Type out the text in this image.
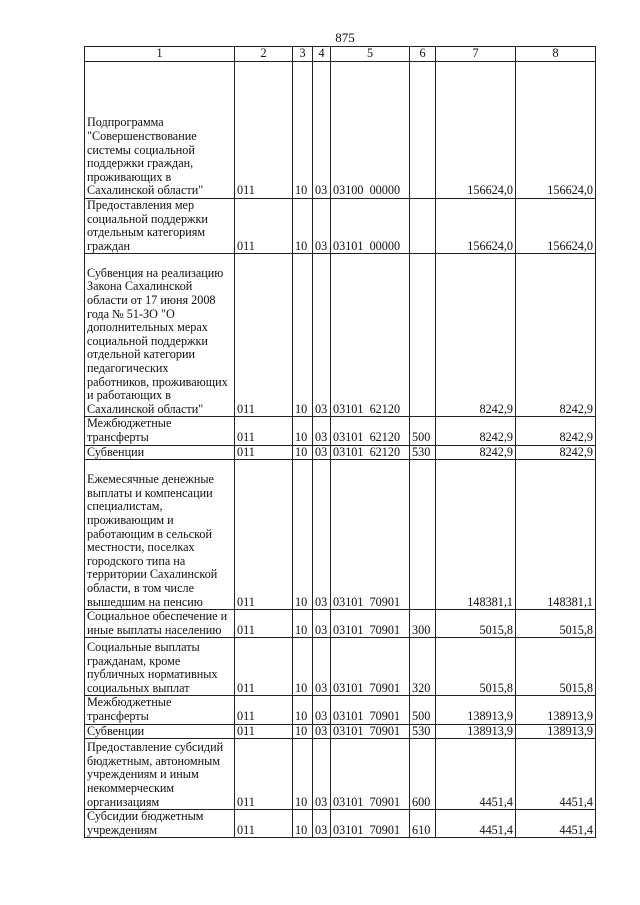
875
1	2	3	4	5	6	7	8
Подпрограмма "Совершенствование системы социальной поддержки граждан, проживающих в Сахалинской области"	011	10	03	03100  00000		156624,0	156624,0
Предоставления мер социальной поддержки отдельным категориям граждан	011	10	03	03101  00000		156624,0	156624,0
Субвенция на реализацию Закона Сахалинской области от 17 июня 2008 года № 51-ЗО "О дополнительных мерах социальной поддержки отдельной категории педагогических работников, проживающих и работающих в Сахалинской области"	011	10	03	03101  62120		8242,9	8242,9
Межбюджетные трансферты	011	10	03	03101  62120	500	8242,9	8242,9
Субвенции	011	10	03	03101  62120	530	8242,9	8242,9
Ежемесячные денежные выплаты и компенсации специалистам, проживающим и работающим в сельской местности, поселках городского типа на территории Сахалинской области, в том числе вышедшим на пенсию	011	10	03	03101  70901		148381,1	148381,1
Социальное обеспечение и иные выплаты населению	011	10	03	03101  70901	300	5015,8	5015,8
Социальные выплаты гражданам, кроме публичных нормативных социальных выплат	011	10	03	03101  70901	320	5015,8	5015,8
Межбюджетные трансферты	011	10	03	03101  70901	500	138913,9	138913,9
Субвенции	011	10	03	03101  70901	530	138913,9	138913,9
Предоставление субсидий бюджетным, автономным учреждениям и иным некоммерческим организациям	011	10	03	03101  70901	600	4451,4	4451,4
Субсидии бюджетным учреждениям	011	10	03	03101  70901	610	4451,4	4451,4
